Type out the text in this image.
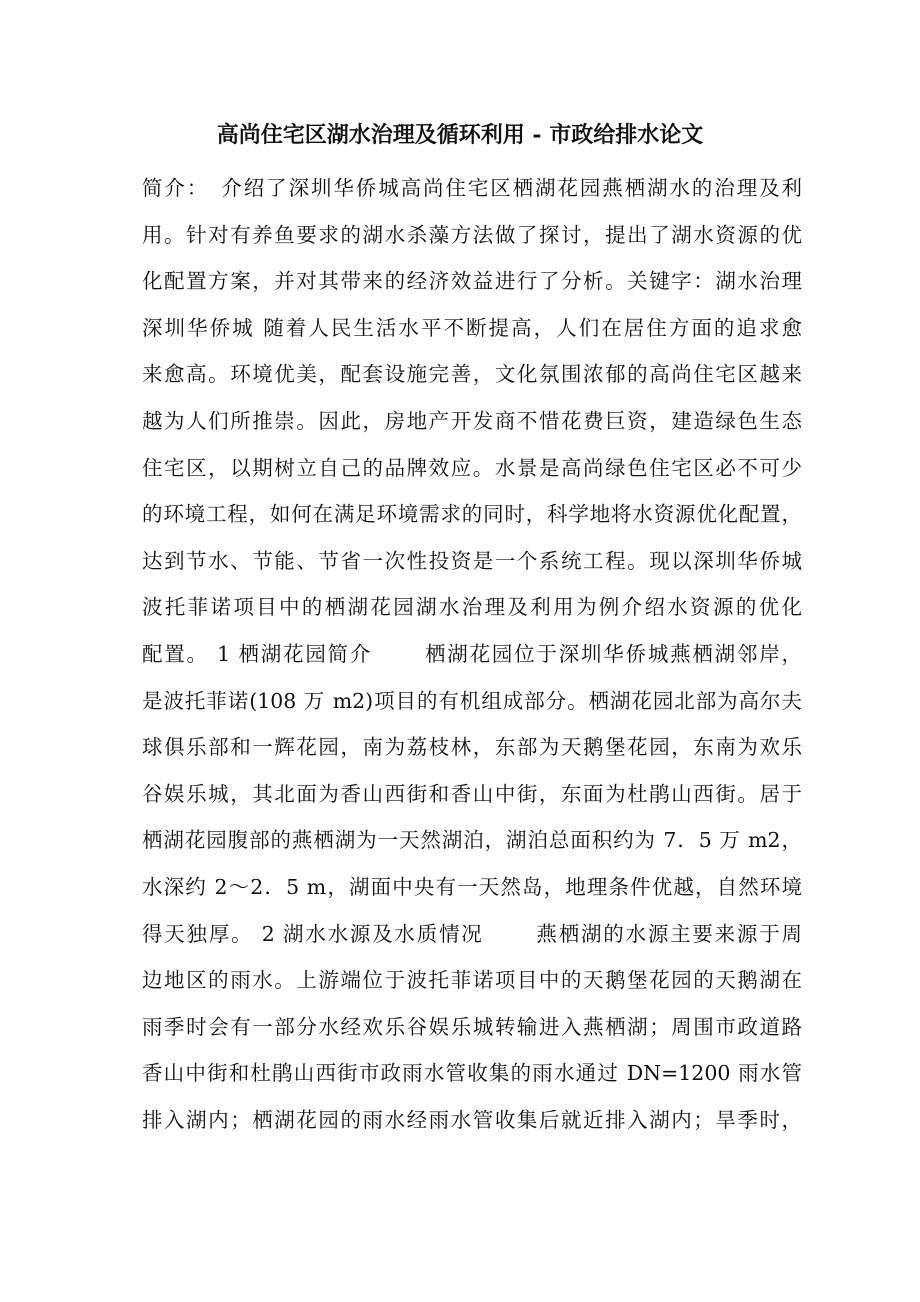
高尚住宅区湖水治理及循环利用 - 市政给排水论文
简介：　介绍了深圳华侨城高尚住宅区栖湖花园燕栖湖水的治理及利
用。针对有养鱼要求的湖水杀藻方法做了探讨，提出了湖水资源的优
化配置方案，并对其带来的经济效益进行了分析。关键字：湖水治理
深圳华侨城 随着人民生活水平不断提高，人们在居住方面的追求愈
来愈高。环境优美，配套设施完善，文化氛围浓郁的高尚住宅区越来
越为人们所推崇。因此，房地产开发商不惜花费巨资，建造绿色生态
住宅区，以期树立自己的品牌效应。水景是高尚绿色住宅区必不可少
的环境工程，如何在满足环境需求的同时，科学地将水资源优化配置，
达到节水、节能、节省一次性投资是一个系统工程。现以深圳华侨城
波托菲诺项目中的栖湖花园湖水治理及利用为例介绍水资源的优化
配置。 1 栖湖花园简介　　 栖湖花园位于深圳华侨城燕栖湖邻岸，
是波托菲诺(108 万 m2)项目的有机组成部分。栖湖花园北部为高尔夫
球俱乐部和一辉花园，南为荔枝林，东部为天鹅堡花园，东南为欢乐
谷娱乐城，其北面为香山西街和香山中街，东面为杜鹃山西街。居于
栖湖花园腹部的燕栖湖为一天然湖泊，湖泊总面积约为 7．5 万 m2，
水深约 2～2．5 m，湖面中央有一天然岛，地理条件优越，自然环境
得天独厚。 2 湖水水源及水质情况　　 燕栖湖的水源主要来源于周
边地区的雨水。上游端位于波托菲诺项目中的天鹅堡花园的天鹅湖在
雨季时会有一部分水经欢乐谷娱乐城转输进入燕栖湖；周围市政道路
香山中街和杜鹃山西街市政雨水管收集的雨水通过 DN=1200 雨水管
排入湖内；栖湖花园的雨水经雨水管收集后就近排入湖内；旱季时，
